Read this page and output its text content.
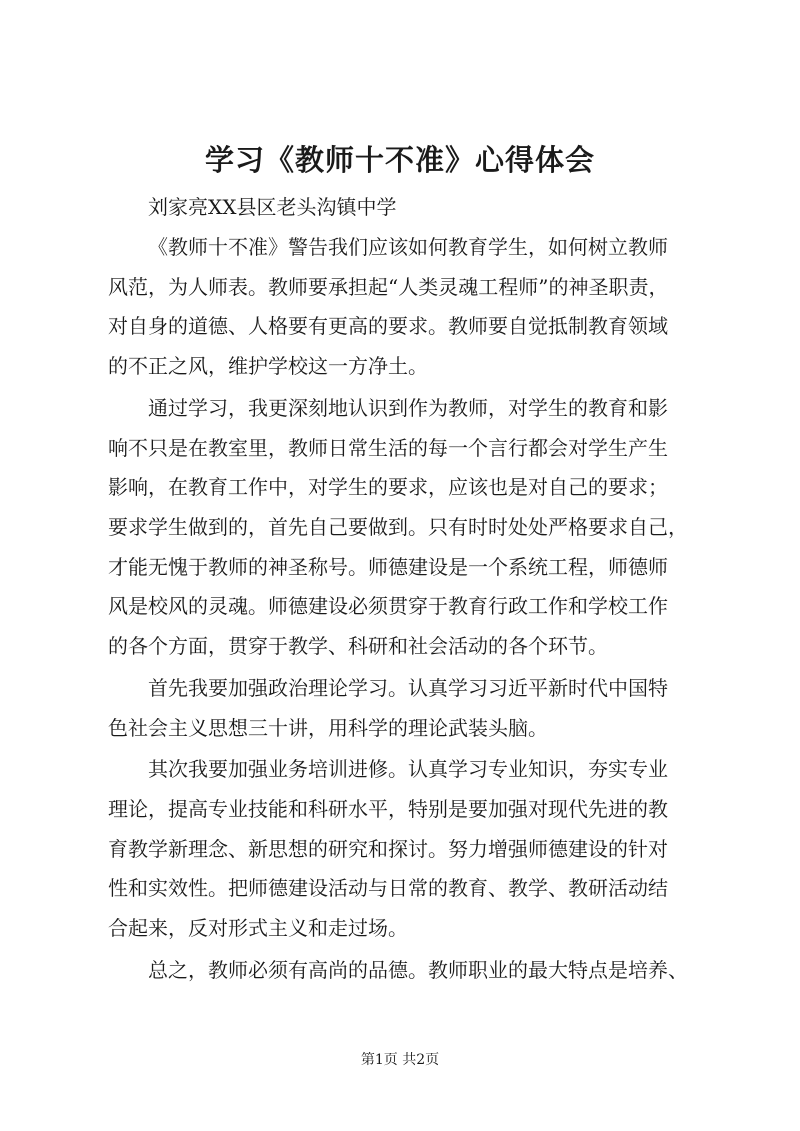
学习《教师十不准》心得体会
刘家亮XX县区老头沟镇中学
《教师十不准》警告我们应该如何教育学生，如何树立教师
风范，为人师表。教师要承担起“人类灵魂工程师”的神圣职责，
对自身的道德、人格要有更高的要求。教师要自觉抵制教育领域
的不正之风，维护学校这一方净土。
通过学习，我更深刻地认识到作为教师，对学生的教育和影
响不只是在教室里，教师日常生活的每一个言行都会对学生产生
影响，在教育工作中，对学生的要求，应该也是对自己的要求；
要求学生做到的，首先自己要做到。只有时时处处严格要求自己，
才能无愧于教师的神圣称号。师德建设是一个系统工程，师德师
风是校风的灵魂。师德建设必须贯穿于教育行政工作和学校工作
的各个方面，贯穿于教学、科研和社会活动的各个环节。
首先我要加强政治理论学习。认真学习习近平新时代中国特
色社会主义思想三十讲，用科学的理论武装头脑。
其次我要加强业务培训进修。认真学习专业知识，夯实专业
理论，提高专业技能和科研水平，特别是要加强对现代先进的教
育教学新理念、新思想的研究和探讨。努力增强师德建设的针对
性和实效性。把师德建设活动与日常的教育、教学、教研活动结
合起来，反对形式主义和走过场。
总之，教师必须有高尚的品德。教师职业的最大特点是培养、
第1页 共2页
